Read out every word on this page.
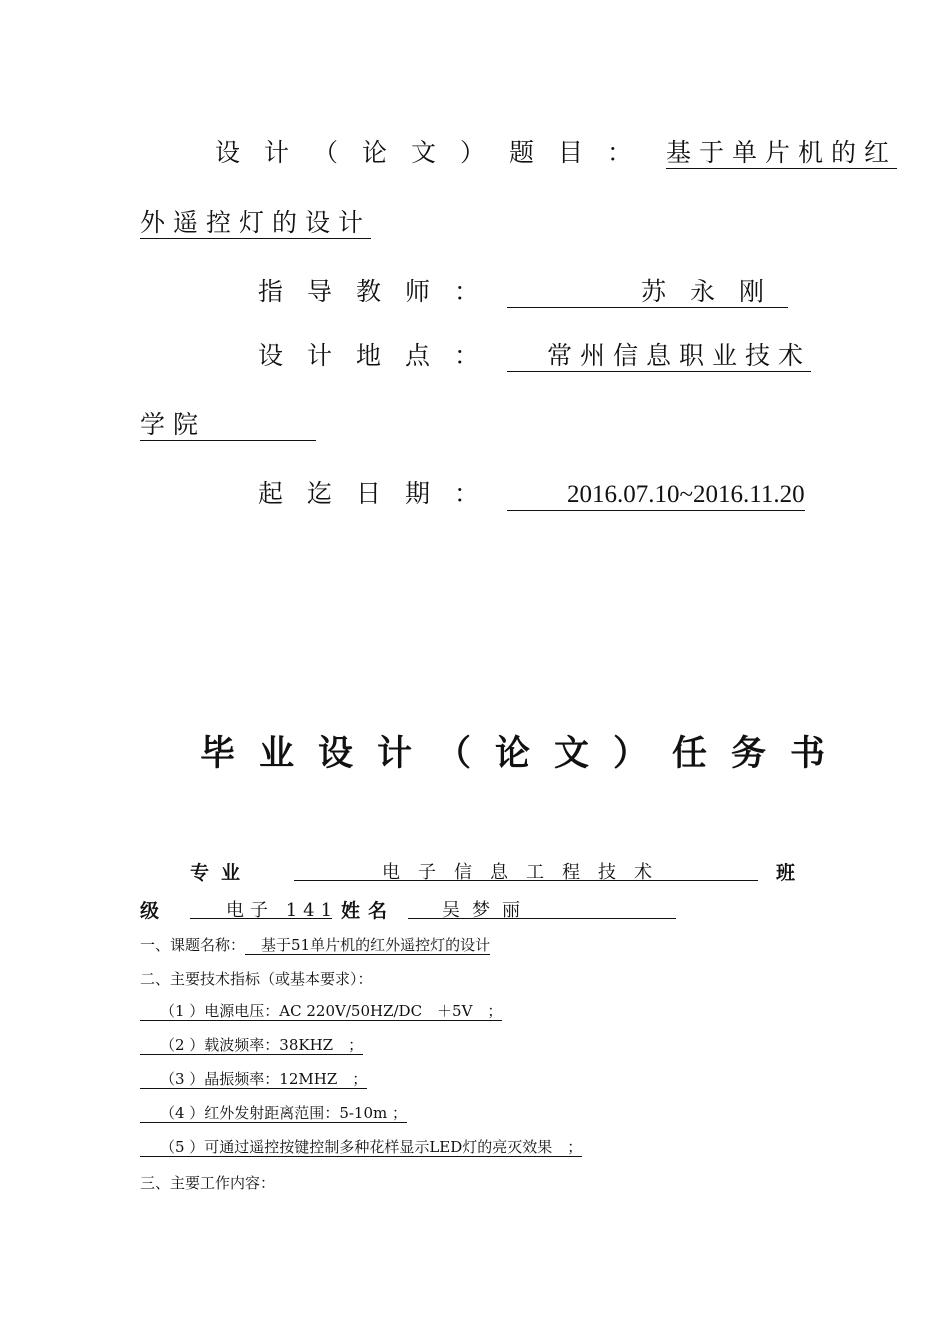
设计（论文）题目： 基于单片机的红
外遥控灯的设计
指导教师：	苏永刚
设计地点： 常州信息职业技术
学院
起迄日期：	2016.07.10~2016.11.20
毕业设计（论文）任务书
专业	电子信息工程技术	班
级	电子 141 姓名	吴梦丽
一、课题名称： 基于51单片机的红外遥控灯的设计
二、主要技术指标（或基本要求）：
（1 ）电源电压：AC 220V/50HZ/DC　＋5V　；
（2 ）载波频率：38KHZ　；
（3 ）晶振频率：12MHZ　；
（4 ）红外发射距离范围：5-10m ；
（5 ）可通过遥控按键控制多种花样显示LED灯的亮灭效果　；
三、主要工作内容：
